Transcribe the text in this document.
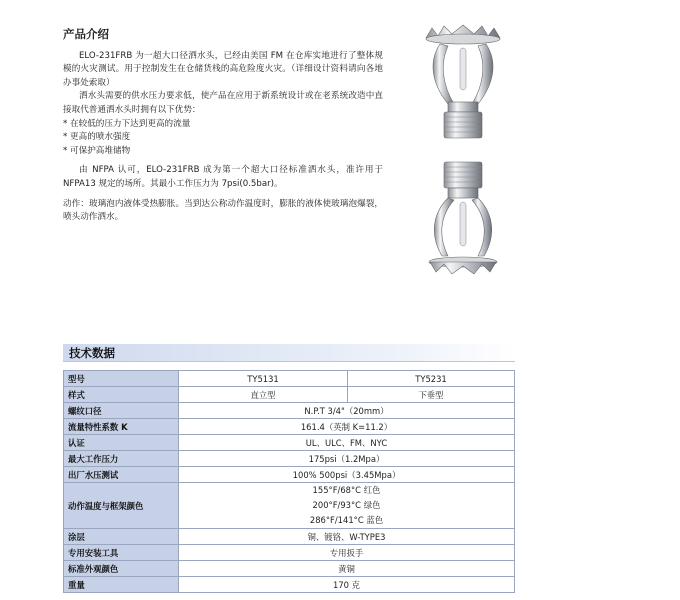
产品介绍

ELO-231FRB 为一超大口径洒水头，已经由美国 FM 在仓库实地进行了整体规模的火灾测试。用于控制发生在仓储货栈的高危险度火灾。（详细设计资料请向各地办事处索取）

洒水头需要的供水压力要求低，使产品在应用于新系统设计或在老系统改造中直接取代普通洒水头时拥有以下优势：

* 在较低的压力下达到更高的流量
* 更高的喷水强度
* 可保护高堆储物

由 NFPA 认可，ELO-231FRB 成为第一个超大口径标准洒水头，准许用于NFPA13 规定的场所。其最小工作压力为 7psi(0.5bar)。

动作：玻璃泡内液体受热膨胀。当到达公称动作温度时，膨胀的液体使玻璃泡爆裂，喷头动作洒水。

技术数据
型号	TY5131	TY5231
样式	直立型	下垂型
螺纹口径	N.P.T 3/4"（20mm）	
流量特性系数 K	161.4（英制 K=11.2）	
认证	UL、ULC、FM、NYC	
最大工作压力	175psi（1.2Mpa）	
出厂水压测试	100% 500psi（3.45Mpa）	
动作温度与框架颜色	155°F/68°C 红色
200°F/93°C 绿色
286°F/141°C 蓝色	

涂层	铜、镀铬、W-TYPE3	
专用安装工具	专用扳手	
标准外观颜色	黄铜	
重量	170 克	
